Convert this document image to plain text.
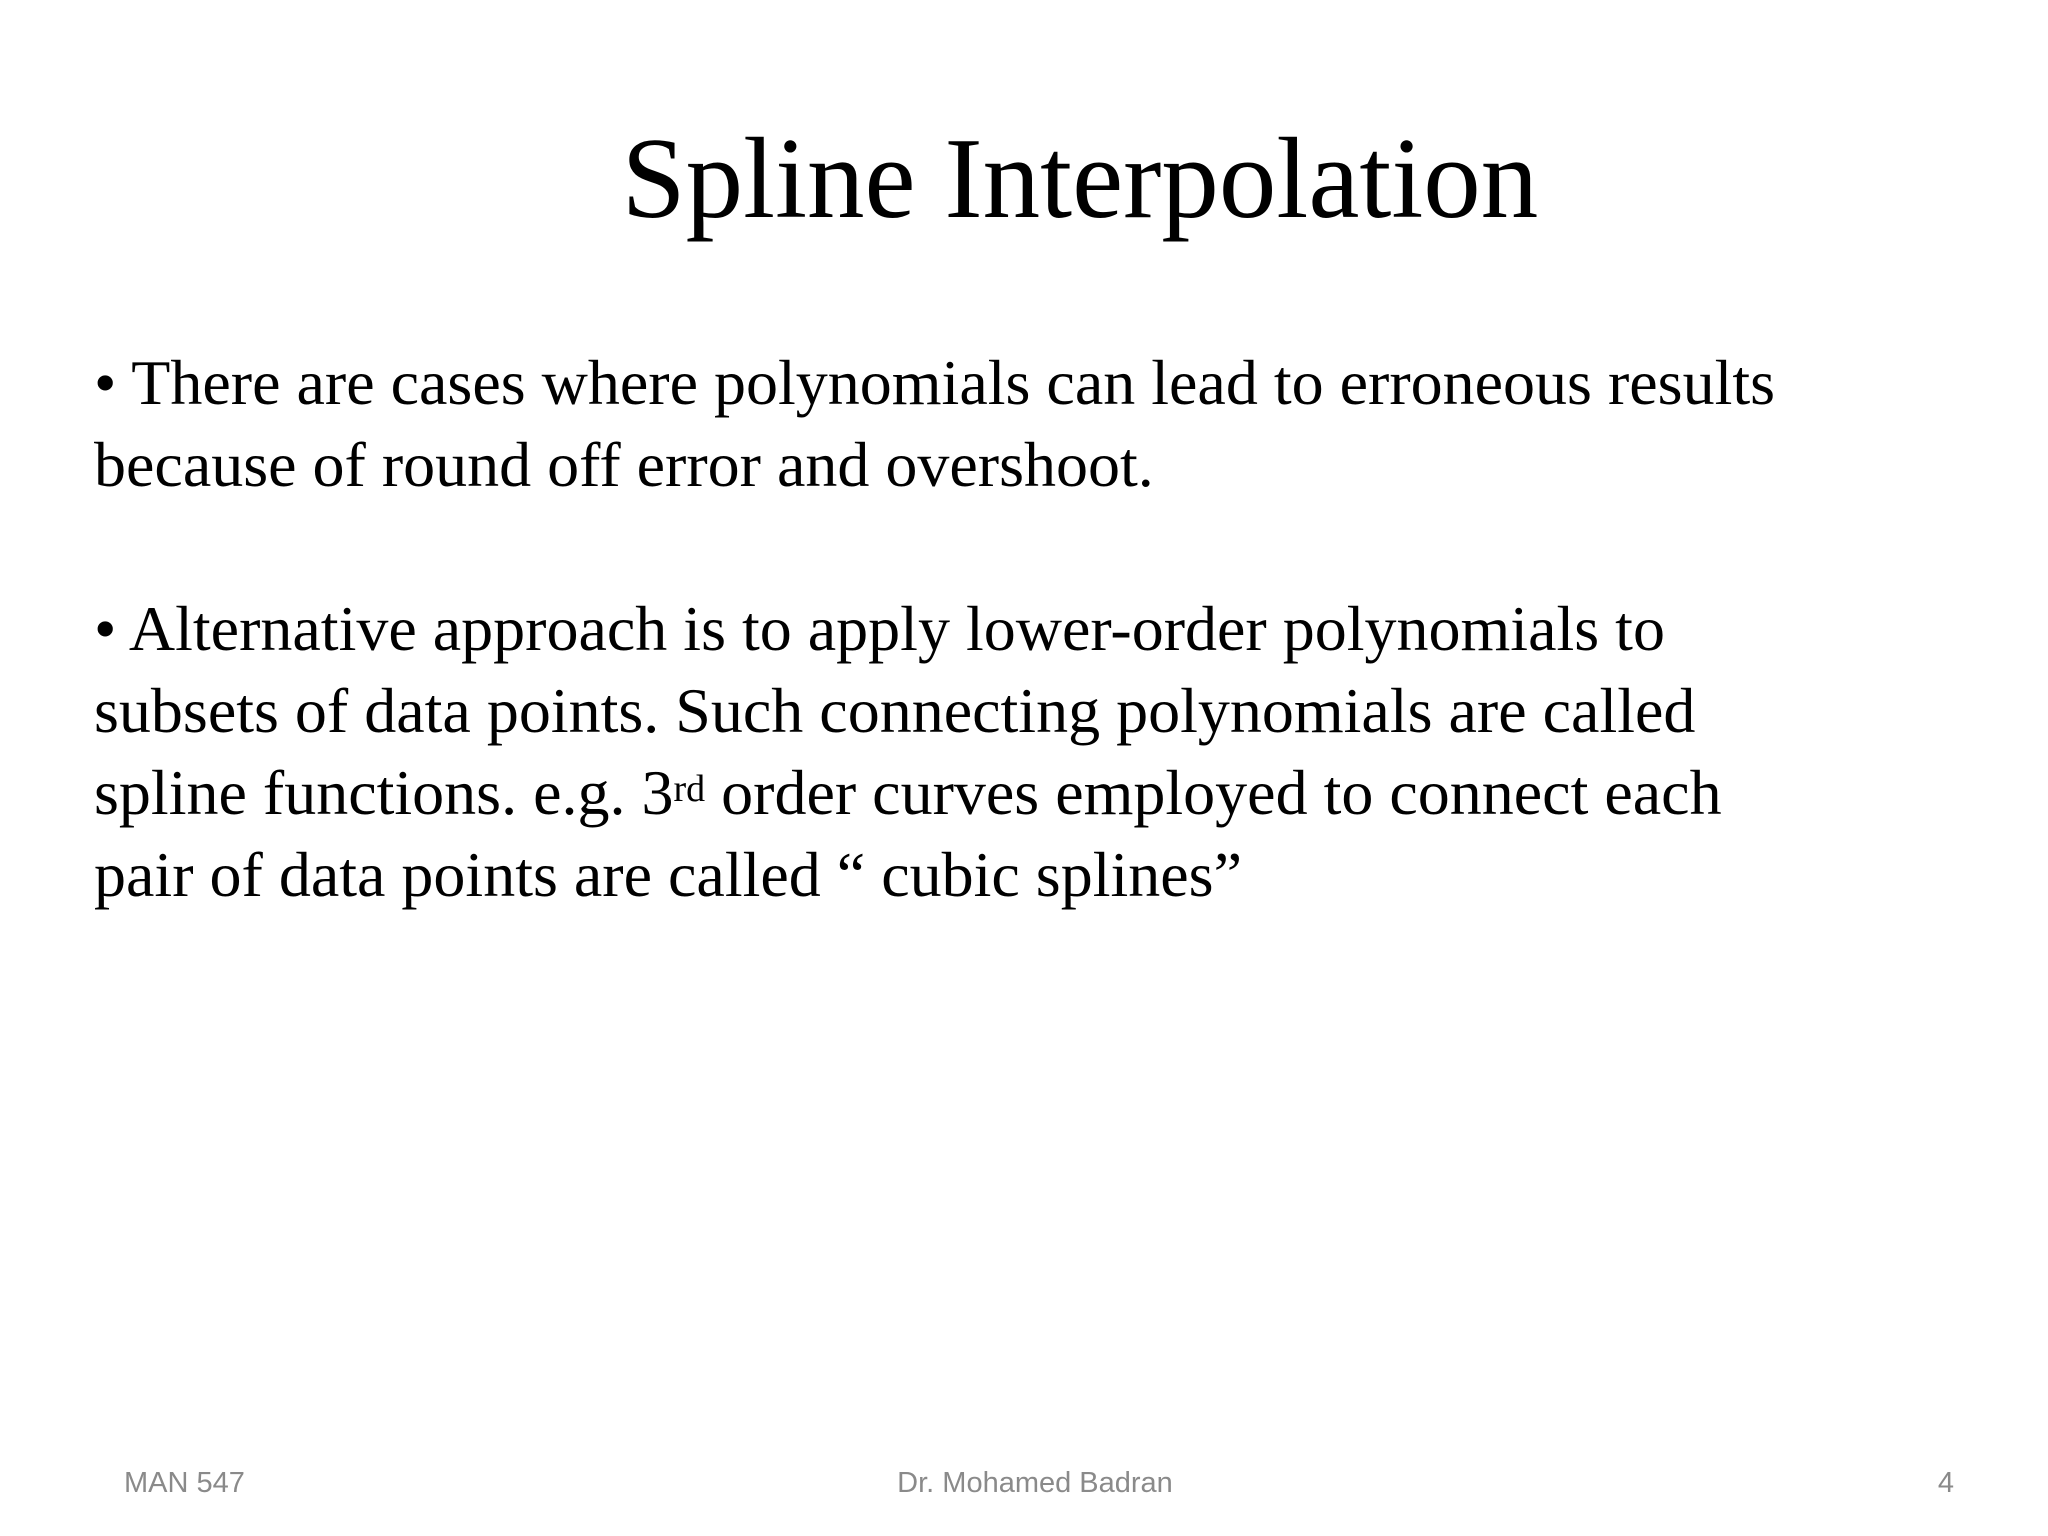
Spline Interpolation

• There are cases where polynomials can lead to erroneous results
because of round off error and overshoot.

• Alternative approach is to apply lower-order polynomials to
subsets of data points. Such connecting polynomials are called
spline functions. e.g. 3rd order curves employed to connect each
pair of data points are called “ cubic splines”

MAN 547	Dr. Mohamed Badran	4
